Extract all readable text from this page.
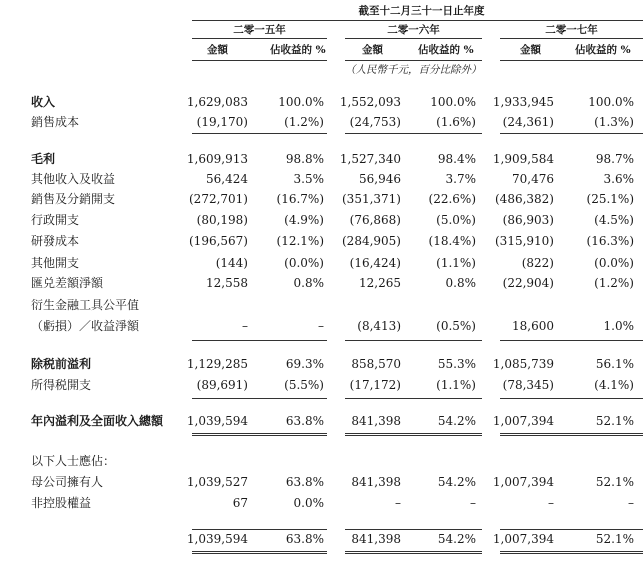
截至十二月三十一日止年度
二零一五年	二零一六年	二零一七年
金額	佔收益的 %	金額	佔收益的 %	金額	佔收益的 %
（人民幣千元，百分比除外）
收入	1,629,083	100.0% 1,552,093 100.0% 1,933,945	100.0%
銷售成本	(19,170)	(1.2%) (24,753)	(1.6%) (24,361)	(1.3%)
毛利	1,609,913	98.8% 1,527,340	98.4% 1,909,584	98.7%
其他收入及收益	56,424	3.5%	56,946	3.7%	70,476	3.6%
銷售及分銷開支	(272,701) (16.7%) (351,371) (22.6%) (486,382)	(25.1%)
行政開支	(80,198)	(4.9%) (76,868)	(5.0%) (86,903)	(4.5%)
研發成本	(196,567) (12.1%) (284,905) (18.4%) (315,910)	(16.3%)
其他開支	(144)	(0.0%) (16,424)	(1.1%)	(822)	(0.0%)
匯兑差額淨額	12,558	0.8%	12,265	0.8% (22,904)	(1.2%)
衍生金融工具公平值
（虧損）／收益淨額	–	–	(8,413)	(0.5%)	18,600	1.0%
除税前溢利	1,129,285	69.3% 858,570	55.3% 1,085,739	56.1%
所得税開支	(89,691)	(5.5%) (17,172)	(1.1%) (78,345)	(4.1%)
年內溢利及全面收入總額 1,039,594	63.8% 841,398	54.2% 1,007,394	52.1%
以下人士應佔：
母公司擁有人	1,039,527	63.8% 841,398	54.2% 1,007,394	52.1%
非控股權益	67	0.0%	–	–	–	–
1,039,594	63.8% 841,398	54.2% 1,007,394	52.1%
